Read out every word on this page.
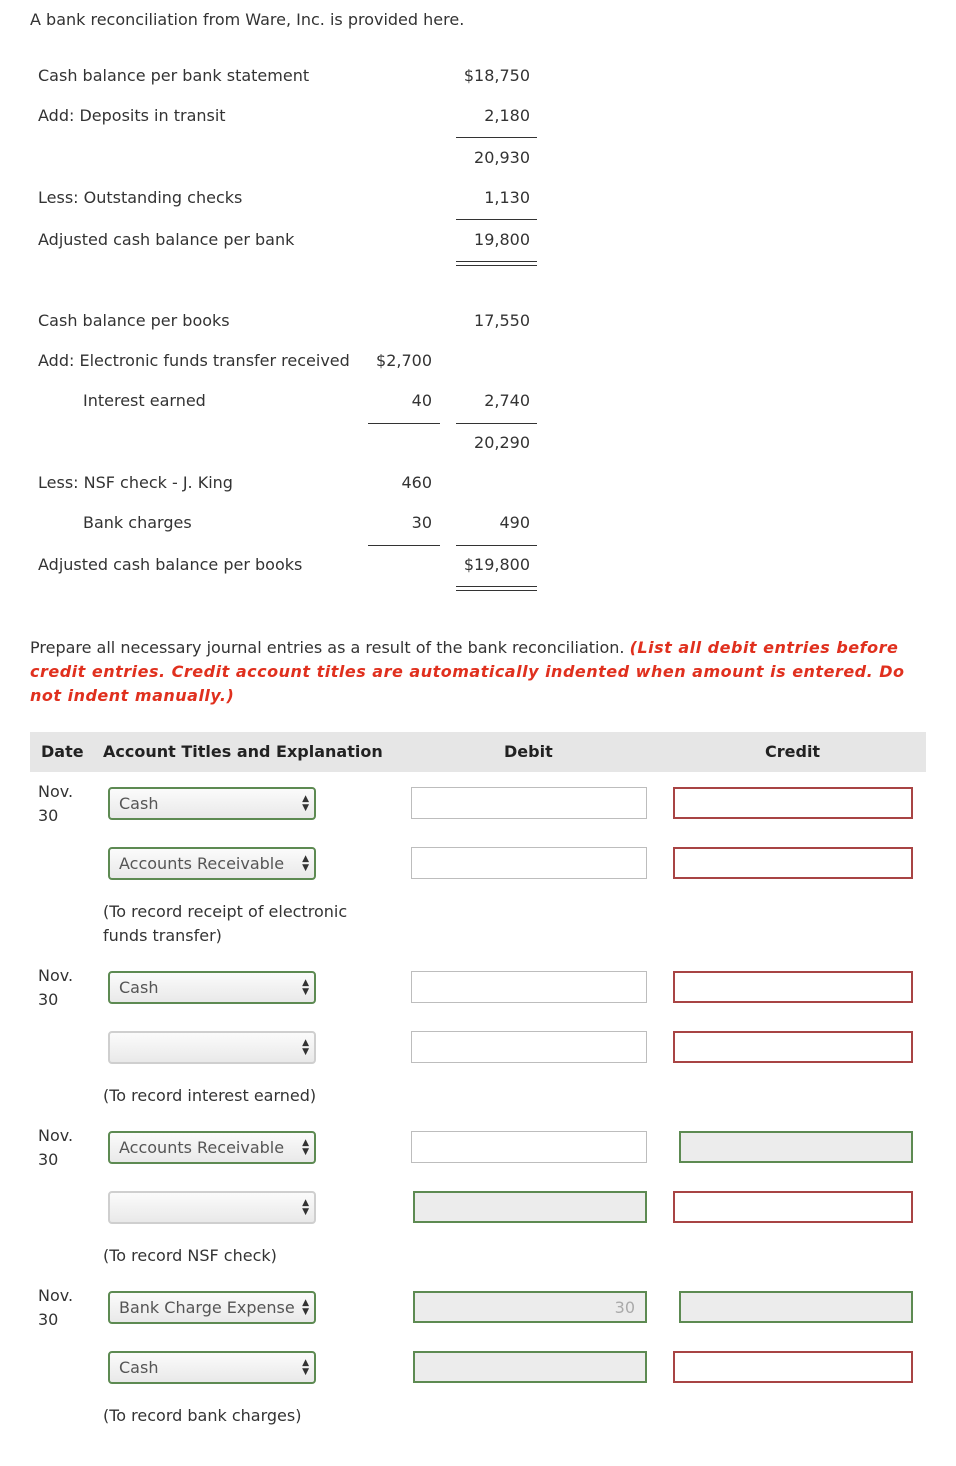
A bank reconciliation from Ware, Inc. is provided here.
Cash balance per bank statement	$18,750
Add: Deposits in transit	2,180
20,930
Less: Outstanding checks	1,130
Adjusted cash balance per bank	19,800
Cash balance per books	17,550
Add: Electronic funds transfer received	$2,700
Interest earned	40	2,740
20,290
Less: NSF check - J. King	460
Bank charges	30	490
Adjusted cash balance per books	$19,800
Prepare all necessary journal entries as a result of the bank reconciliation. (List all debit entries before credit entries. Credit account titles are automatically indented when amount is entered. Do not indent manually.)
Date Account Titles and Explanation	Debit	Credit
Nov.
30
Cash	▲
▼
Accounts Receivable ▲
▼
(To record receipt of electronic funds transfer)
Nov.
30
Cash	▲
▼
▲
▼
(To record interest earned)
Nov.
30
Accounts Receivable ▲
▼
▲
▼
(To record NSF check)
Nov.
30
Bank Charge Expense ▲
▼	30
Cash	▲
▼
(To record bank charges)
